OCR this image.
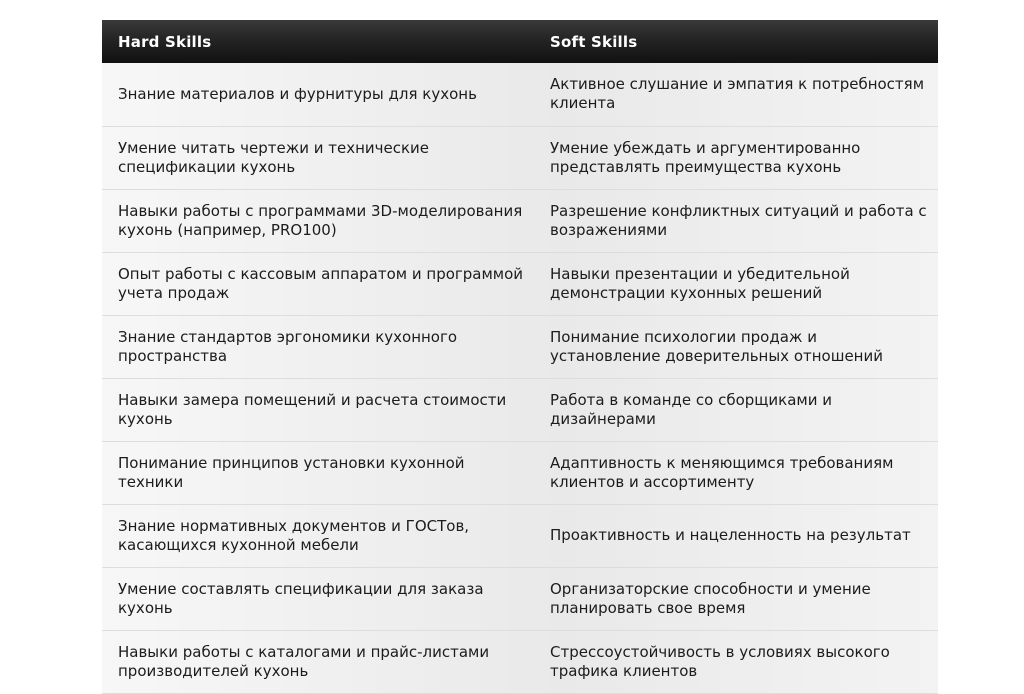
Hard Skills	Soft Skills
Знание материалов и фурнитуры для кухонь	Активное слушание и эмпатия к потребностям клиента
Умение читать чертежи и технические спецификации кухонь	Умение убеждать и аргументированно представлять преимущества кухонь
Навыки работы с программами 3D-моделирования кухонь (например, PRO100)	Разрешение конфликтных ситуаций и работа с возражениями
Опыт работы с кассовым аппаратом и программой учета продаж	Навыки презентации и убедительной демонстрации кухонных решений
Знание стандартов эргономики кухонного пространства	Понимание психологии продаж и установление доверительных отношений
Навыки замера помещений и расчета стоимости кухонь	Работа в команде со сборщиками и дизайнерами
Понимание принципов установки кухонной техники	Адаптивность к меняющимся требованиям клиентов и ассортименту
Знание нормативных документов и ГОСТов, касающихся кухонной мебели	Проактивность и нацеленность на результат
Умение составлять спецификации для заказа кухонь	Организаторские способности и умение планировать свое время
Навыки работы с каталогами и прайс-листами производителей кухонь	Стрессоустойчивость в условиях высокого трафика клиентов
